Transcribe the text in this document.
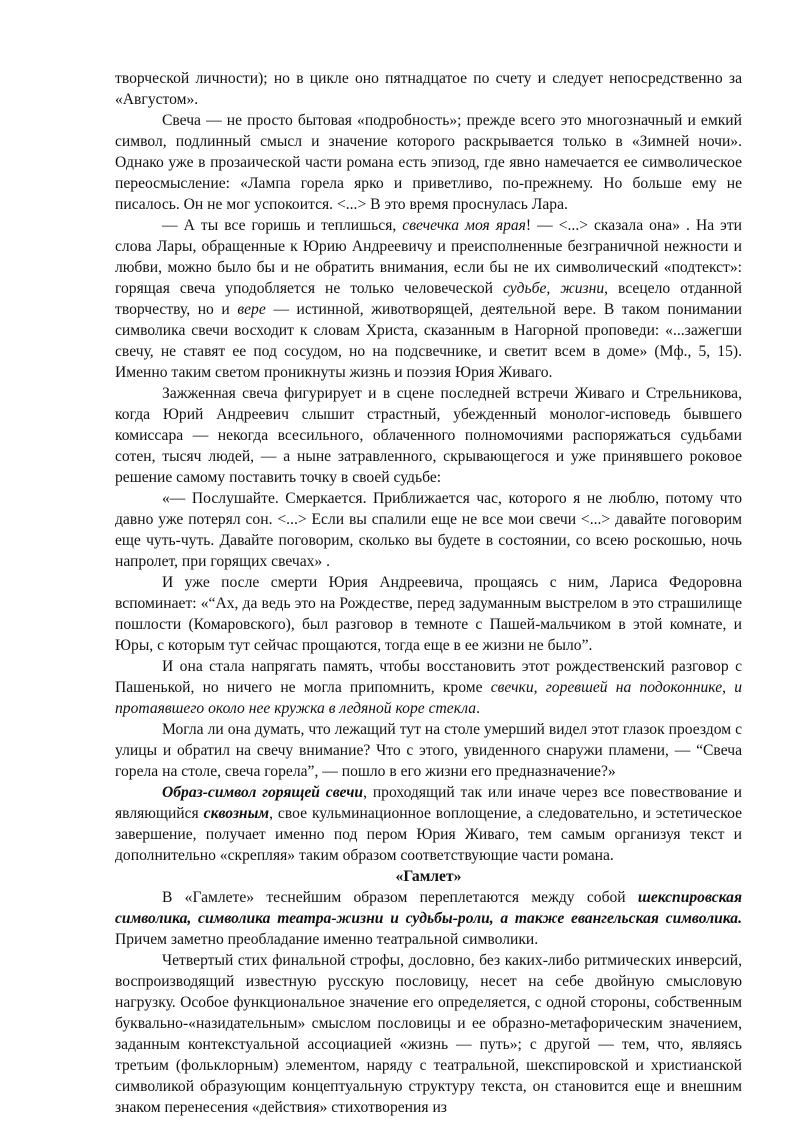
творческой личности); но в цикле оно пятнадцатое по счету и следует непосредственно за «Августом».

Свеча — не просто бытовая «подробность»; прежде всего это многозначный и емкий символ, подлинный смысл и значение которого раскрывается только в «Зимней ночи». Однако уже в прозаической части романа есть эпизод, где явно намечается ее символическое переосмысление: «Лампа горела ярко и приветливо, по-прежнему. Но больше ему не писалось. Он не мог успокоится. <...> В это время проснулась Лара.

— А ты все горишь и теплишься, свечечка моя ярая! — <...> сказала она» . На эти слова Лары, обращенные к Юрию Андреевичу и преисполненные безграничной нежности и любви, можно было бы и не обратить внимания, если бы не их символический «подтекст»: горящая свеча уподобляется не только человеческой судьбе, жизни, всецело отданной творчеству, но и вере — истинной, животворящей, деятельной вере. В таком понимании символика свечи восходит к словам Христа, сказанным в Нагорной проповеди: «...зажегши свечу, не ставят ее под сосудом, но на подсвечнике, и светит всем в доме» (Мф., 5, 15). Именно таким светом проникнуты жизнь и поэзия Юрия Живаго.

Зажженная свеча фигурирует и в сцене последней встречи Живаго и Стрельникова, когда Юрий Андреевич слышит страстный, убежденный монолог-исповедь бывшего комиссара — некогда всесильного, облаченного полномочиями распоряжаться судьбами сотен, тысяч людей, — а ныне затравленного, скрывающегося и уже принявшего роковое решение самому поставить точку в своей судьбе:

«— Послушайте. Смеркается. Приближается час, которого я не люблю, потому что давно уже потерял сон. <...> Если вы спалили еще не все мои свечи <...> давайте поговорим еще чуть-чуть. Давайте поговорим, сколько вы будете в состоянии, со всею роскошью, ночь напролет, при горящих свечах» .

И уже после смерти Юрия Андреевича, прощаясь с ним, Лариса Федоровна вспоминает: «“Ах, да ведь это на Рождестве, перед задуманным выстрелом в это страшилище пошлости (Комаровского), был разговор в темноте с Пашей-мальчиком в этой комнате, и Юры, с которым тут сейчас прощаются, тогда еще в ее жизни не было”.

И она стала напрягать память, чтобы восстановить этот рождественский разговор с Пашенькой, но ничего не могла припомнить, кроме свечки, горевшей на подоконнике, и протаявшего около нее кружка в ледяной коре стекла.

Могла ли она думать, что лежащий тут на столе умерший видел этот глазок проездом с улицы и обратил на свечу внимание? Что с этого, увиденного снаружи пламени, — “Свеча горела на столе, свеча горела”, — пошло в его жизни его предназначение?»

Образ-символ горящей свечи, проходящий так или иначе через все повествование и являющийся сквозным, свое кульминационное воплощение, а следовательно, и эстетическое завершение, получает именно под пером Юрия Живаго, тем самым организуя текст и дополнительно «скрепляя» таким образом соответствующие части романа.

«Гамлет»

В «Гамлете» теснейшим образом переплетаются между собой шекспировская символика, символика театра-жизни и судьбы-роли, а также евангельская символика. Причем заметно преобладание именно театральной символики.

Четвертый стих финальной строфы, дословно, без каких-либо ритмических инверсий, воспроизводящий известную русскую пословицу, несет на себе двойную смысловую нагрузку. Особое функциональное значение его определяется, с одной стороны, собственным буквально-«назидательным» смыслом пословицы и ее образно-метафорическим значением, заданным контекстуальной ассоциацией «жизнь — путь»; с другой — тем, что, являясь третьим (фольклорным) элементом, наряду с театральной, шекспировской и христианской символикой образующим концептуальную структуру текста, он становится еще и внешним знаком перенесения «действия» стихотворения из
